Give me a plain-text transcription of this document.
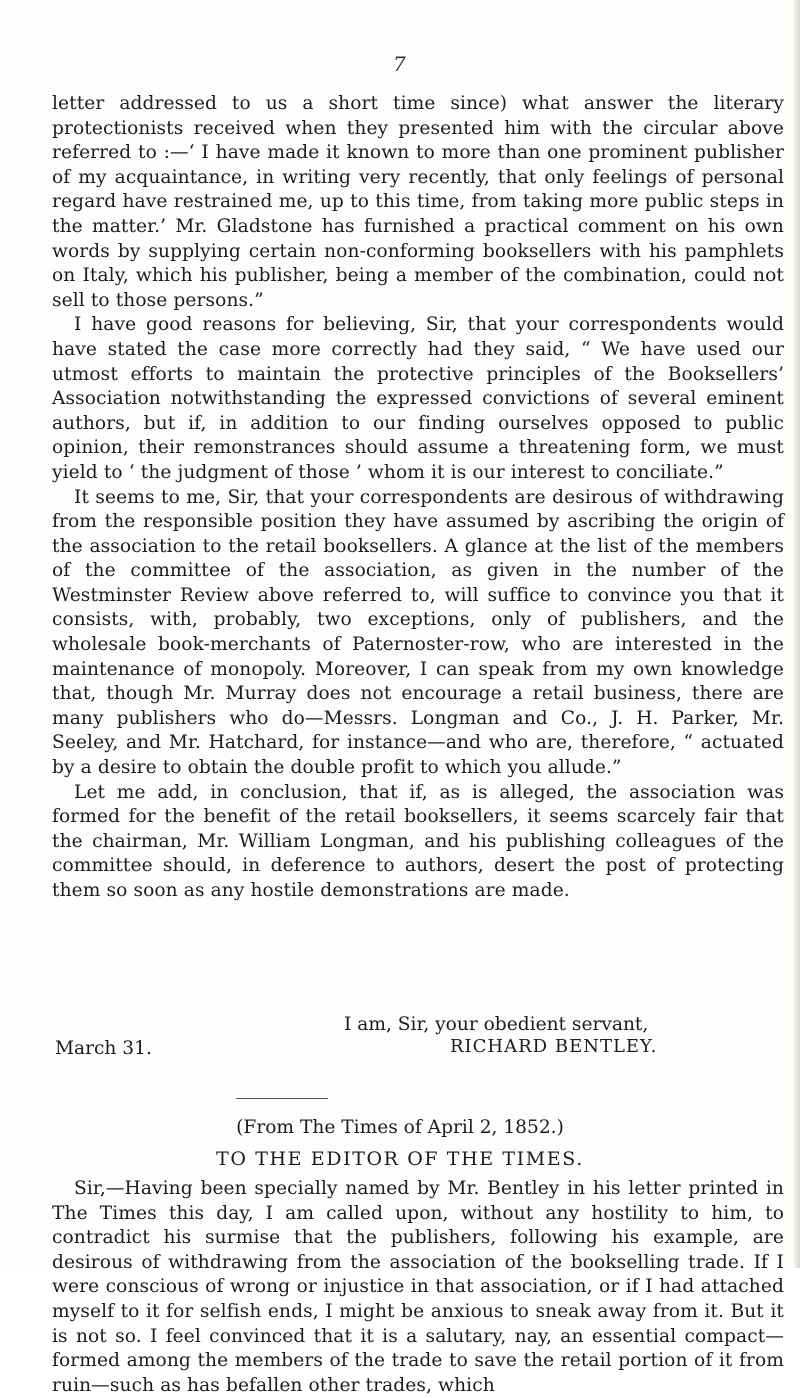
7

letter addressed to us a short time since) what answer the literary protectionists received when they presented him with the circular above referred to :—‘ I have made it known to more than one prominent publisher of my acquaintance, in writing very recently, that only feelings of personal regard have restrained me, up to this time, from taking more public steps in the matter.’ Mr. Gladstone has furnished a practical comment on his own words by supplying certain non-conforming booksellers with his pamphlets on Italy, which his publisher, being a member of the combination, could not sell to those persons.”

I have good reasons for believing, Sir, that your correspondents would have stated the case more correctly had they said, “ We have used our utmost efforts to maintain the protective principles of the Booksellers’ Association notwithstanding the expressed convictions of several eminent authors, but if, in addition to our finding ourselves opposed to public opinion, their remonstrances should assume a threatening form, we must yield to ‘ the judgment of those ’ whom it is our interest to conciliate.”

It seems to me, Sir, that your correspondents are desirous of withdrawing from the responsible position they have assumed by ascribing the origin of the association to the retail booksellers. A glance at the list of the members of the committee of the association, as given in the number of the Westminster Review above referred to, will suffice to convince you that it consists, with, probably, two exceptions, only of publishers, and the wholesale book-merchants of Paternoster-row, who are interested in the maintenance of monopoly. Moreover, I can speak from my own knowledge that, though Mr. Murray does not encourage a retail business, there are many publishers who do—Messrs. Longman and Co., J. H. Parker, Mr. Seeley, and Mr. Hatchard, for instance—and who are, therefore, “ actuated by a desire to obtain the double profit to which you allude.”

Let me add, in conclusion, that if, as is alleged, the association was formed for the benefit of the retail booksellers, it seems scarcely fair that the chairman, Mr. William Longman, and his publishing colleagues of the committee should, in deference to authors, desert the post of protecting them so soon as any hostile demonstrations are made.

I am, Sir, your obedient servant,
March 31.	RICHARD BENTLEY.
(From The Times of April 2, 1852.)
TO THE EDITOR OF THE TIMES.

Sir,—Having been specially named by Mr. Bentley in his letter printed in The Times this day, I am called upon, without any hostility to him, to contradict his surmise that the publishers, following his example, are desirous of withdrawing from the association of the bookselling trade. If I were conscious of wrong or injustice in that association, or if I had attached myself to it for selfish ends, I might be anxious to sneak away from it. But it is not so. I feel convinced that it is a salutary, nay, an essential compact—formed among the members of the trade to save the retail portion of it from ruin—such as has befallen other trades, which
